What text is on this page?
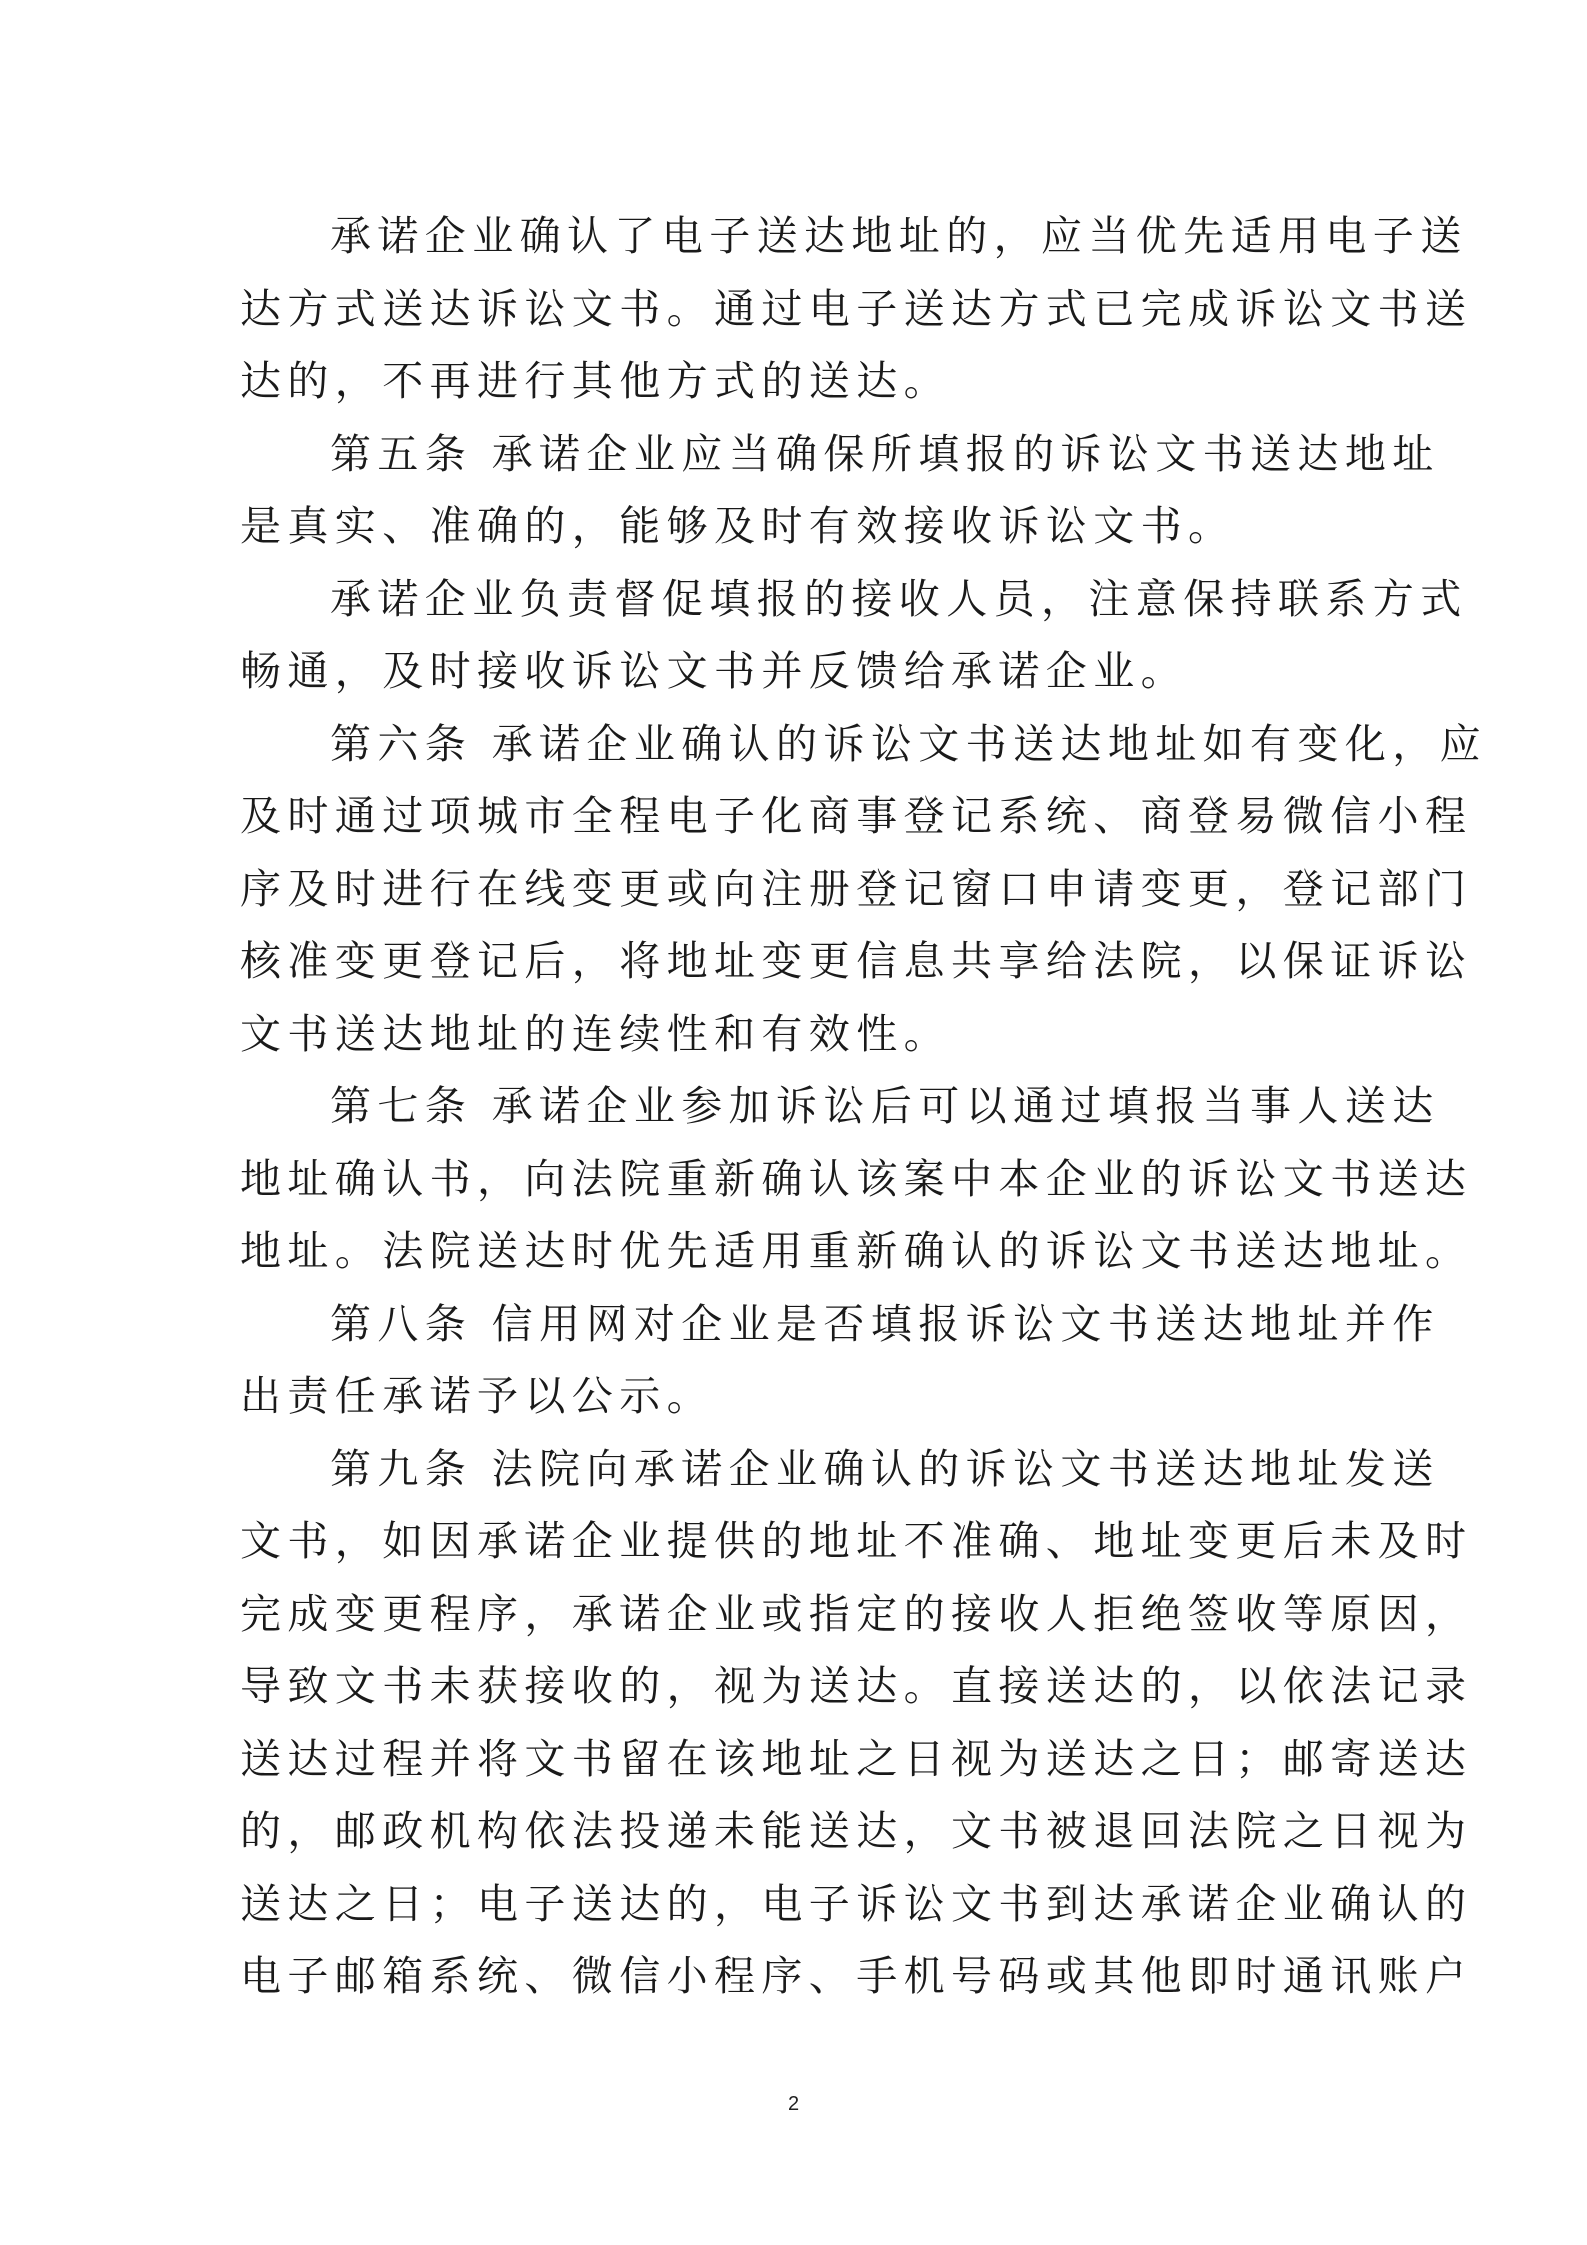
承诺企业确认了电子送达地址的，应当优先适用电子送
达方式送达诉讼文书。通过电子送达方式已完成诉讼文书送
达的，不再进行其他方式的送达。
第五条 承诺企业应当确保所填报的诉讼文书送达地址
是真实、准确的，能够及时有效接收诉讼文书。
承诺企业负责督促填报的接收人员，注意保持联系方式
畅通，及时接收诉讼文书并反馈给承诺企业。
第六条 承诺企业确认的诉讼文书送达地址如有变化，应
及时通过项城市全程电子化商事登记系统、商登易微信小程
序及时进行在线变更或向注册登记窗口申请变更，登记部门
核准变更登记后，将地址变更信息共享给法院，以保证诉讼
文书送达地址的连续性和有效性。
第七条 承诺企业参加诉讼后可以通过填报当事人送达
地址确认书，向法院重新确认该案中本企业的诉讼文书送达
地址。法院送达时优先适用重新确认的诉讼文书送达地址。
第八条 信用网对企业是否填报诉讼文书送达地址并作
出责任承诺予以公示。
第九条 法院向承诺企业确认的诉讼文书送达地址发送
文书，如因承诺企业提供的地址不准确、地址变更后未及时
完成变更程序，承诺企业或指定的接收人拒绝签收等原因，
导致文书未获接收的，视为送达。直接送达的，以依法记录
送达过程并将文书留在该地址之日视为送达之日；邮寄送达
的，邮政机构依法投递未能送达，文书被退回法院之日视为
送达之日；电子送达的，电子诉讼文书到达承诺企业确认的
电子邮箱系统、微信小程序、手机号码或其他即时通讯账户
2
